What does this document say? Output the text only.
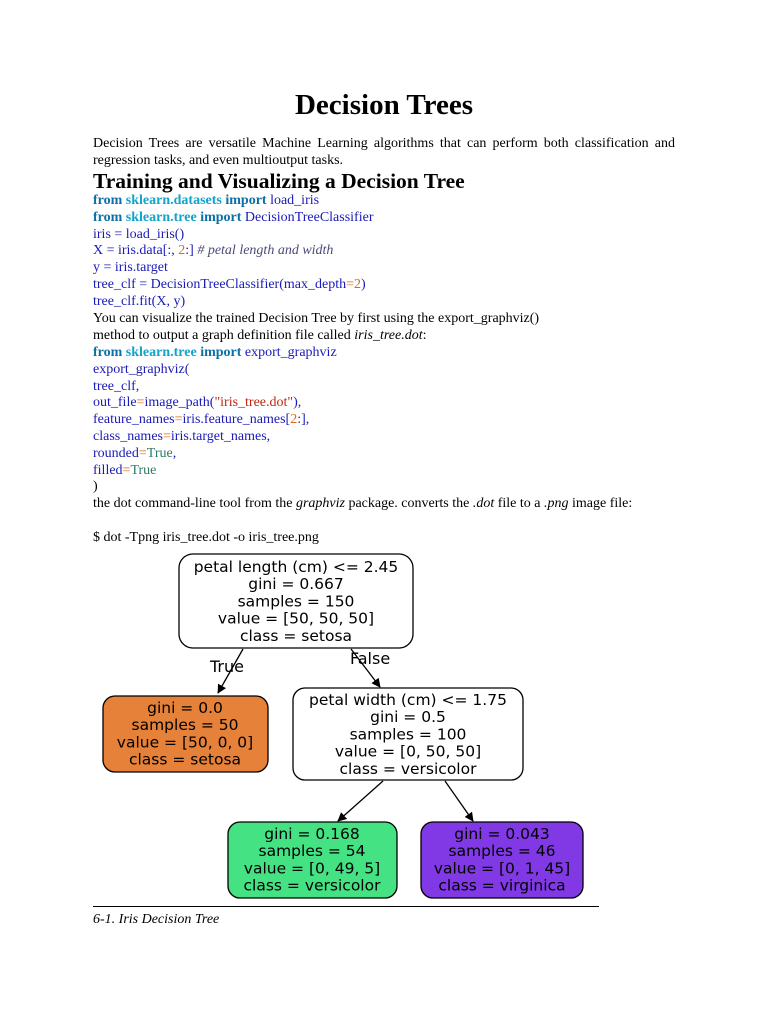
Decision Trees
Decision Trees are versatile Machine Learning algorithms that can perform both classification and regression tasks, and even multioutput tasks.
Training and Visualizing a Decision Tree
from sklearn.datasets import load_iris
from sklearn.tree import DecisionTreeClassifier
iris = load_iris()
X = iris.data[:, 2:] # petal length and width
y = iris.target
tree_clf = DecisionTreeClassifier(max_depth=2)
tree_clf.fit(X, y)
You can visualize the trained Decision Tree by first using the export_graphviz()
method to output a graph definition file called iris_tree.dot:
from sklearn.tree import export_graphviz
export_graphviz(
tree_clf,
out_file=image_path("iris_tree.dot"),
feature_names=iris.feature_names[2:],
class_names=iris.target_names,
rounded=True,
filled=True
)
the dot command-line tool from the graphviz package. converts the .dot file to a .png image file:
$ dot -Tpng iris_tree.dot -o iris_tree.png
True	False
petal length (cm) <= 2.45
gini = 0.667
samples = 150
value = [50, 50, 50]
class = setosa
gini = 0.0
samples = 50
value = [50, 0, 0]
class = setosa
petal width (cm) <= 1.75
gini = 0.5
samples = 100
value = [0, 50, 50]
class = versicolor
gini = 0.168
samples = 54
value = [0, 49, 5]
class = versicolor
gini = 0.043
samples = 46
value = [0, 1, 45]
class = virginica
6-1. Iris Decision Tree
